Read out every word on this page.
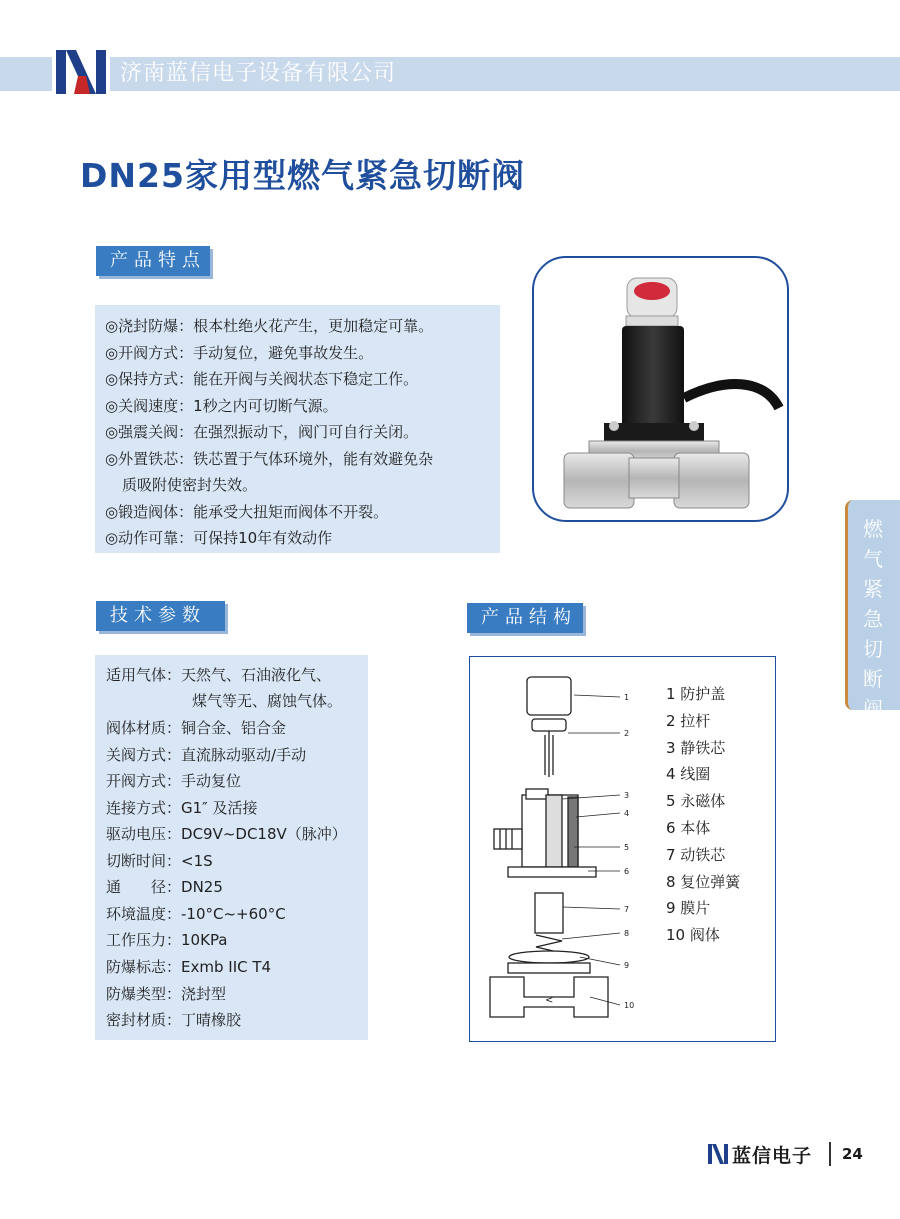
济南蓝信电子设备有限公司
DN25家用型燃气紧急切断阀
产品特点
◎浇封防爆：根本杜绝火花产生，更加稳定可靠。
◎开阀方式：手动复位，避免事故发生。
◎保持方式：能在开阀与关阀状态下稳定工作。
◎关阀速度：1秒之内可切断气源。
◎强震关阀：在强烈振动下，阀门可自行关闭。
◎外置铁芯：铁芯置于气体环境外，能有效避免杂
质吸附使密封失效。
◎锻造阀体：能承受大扭矩而阀体不开裂。
◎动作可靠：可保持10年有效动作
技术参数
适用气体：天然气、石油液化气、
煤气等无、腐蚀气体。
阀体材质：铜合金、铝合金
关阀方式：直流脉动驱动/手动
开阀方式：手动复位
连接方式：G1″ 及活接
驱动电压：DC9V~DC18V（脉冲）
切断时间：<1S
通　　径：DN25
环境温度：-10°C~+60°C
工作压力：10KPa
防爆标志：Exmb IIC T4
防爆类型：浇封型
密封材质：丁晴橡胶
产品结构
<
1
2
3
4
5
6
7
8
9
10
1 防护盖
2 拉杆
3 静铁芯
4 线圈
5 永磁体
6 本体
7 动铁芯
8 复位弹簧
9 膜片
10 阀体
燃
气
紧
急
切
断
阀
蓝信电子 24
